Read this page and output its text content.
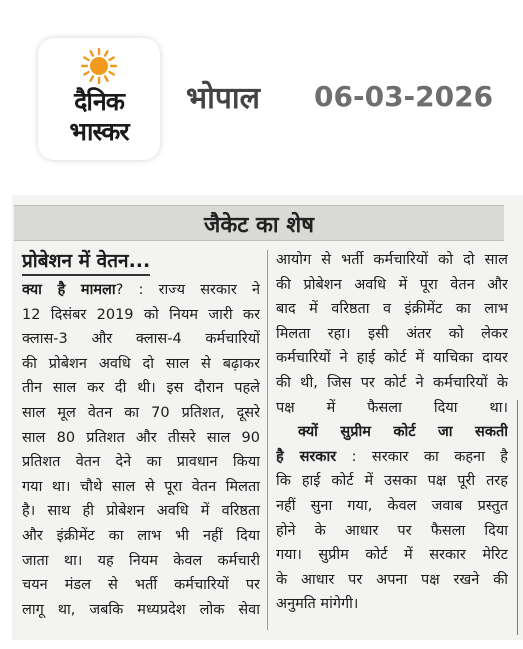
दैनिक
भास्कर
भोपाल 06-03-2026
जैकेट का शेष
प्रोबेशन में वेतन...
क्या है मामला? : राज्य सरकार ने
12 दिसंबर 2019 को नियम जारी कर
क्लास-3 और क्लास-4 कर्मचारियों
की प्रोबेशन अवधि दो साल से बढ़ाकर
तीन साल कर दी थी। इस दौरान पहले
साल मूल वेतन का 70 प्रतिशत, दूसरे
साल 80 प्रतिशत और तीसरे साल 90
प्रतिशत वेतन देने का प्रावधान किया
गया था। चौथे साल से पूरा वेतन मिलता
है। साथ ही प्रोबेशन अवधि में वरिष्ठता
और इंक्रीमेंट का लाभ भी नहीं दिया
जाता था। यह नियम केवल कर्मचारी
चयन मंडल से भर्ती कर्मचारियों पर
लागू था, जबकि मध्यप्रदेश लोक सेवा
आयोग से भर्ती कर्मचारियों को दो साल
की प्रोबेशन अवधि में पूरा वेतन और
बाद में वरिष्ठता व इंक्रीमेंट का लाभ
मिलता रहा। इसी अंतर को लेकर
कर्मचारियों ने हाई कोर्ट में याचिका दायर
की थी, जिस पर कोर्ट ने कर्मचारियों के
पक्ष में फैसला दिया था।
क्यों सुप्रीम कोर्ट जा सकती
है सरकार : सरकार का कहना है
कि हाई कोर्ट में उसका पक्ष पूरी तरह
नहीं सुना गया, केवल जवाब प्रस्तुत
होने के आधार पर फैसला दिया
गया। सुप्रीम कोर्ट में सरकार मेरिट
के आधार पर अपना पक्ष रखने की
अनुमति मांगेगी।
